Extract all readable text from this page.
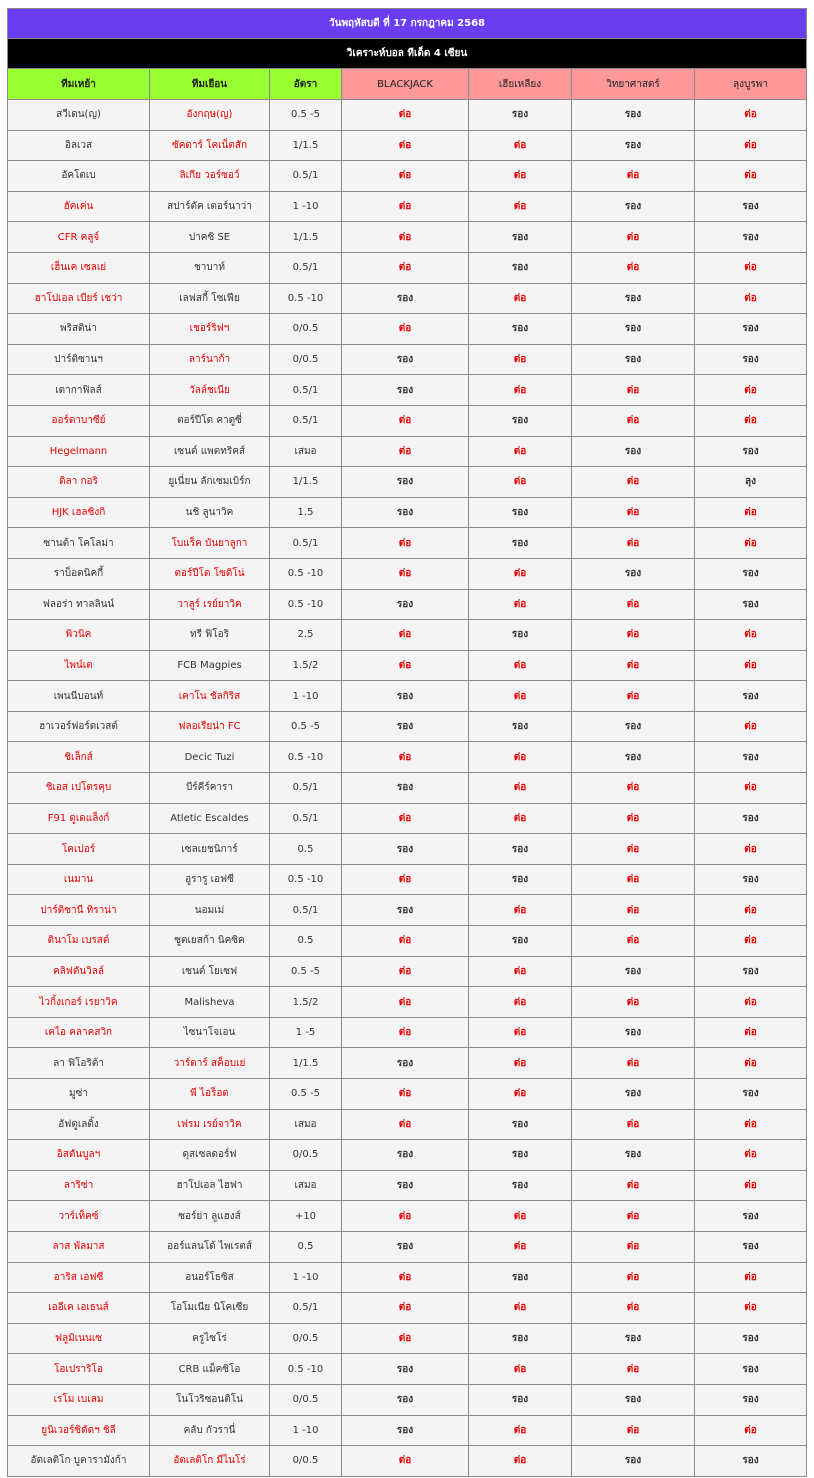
วันพฤหัสบดี ที่ 17 กรกฎาคม 2568						
วิเคราะห์บอล ทีเด็ด 4 เซียน						
ทีมเหย้า	ทีมเยือน	อัตรา	BLACKJACK	เฮียเหลียง	วิทยาศาสตร์	ลุงบูรพา
สวีเดน(ญ)	อังกฤษ(ญ)	0.5 -5	ต่อ	รอง	รอง	ต่อ
อิลเวส	ซัคดาร์ โคเน็ตสัก	1/1.5	ต่อ	ต่อ	รอง	ต่อ
อัคโตเบ	ลิเกีย วอร์ซอว์	0.5/1	ต่อ	ต่อ	ต่อ	ต่อ
ฮัคเค่น	สปาร์ตัค เตอร์นาว่า	1 -10	ต่อ	ต่อ	รอง	รอง
CFR คลูจ์	ปาคซิ SE	1/1.5	ต่อ	รอง	ต่อ	รอง
เฮ็นเค เซลเย่	ชาบาท์	0.5/1	ต่อ	รอง	ต่อ	ต่อ
ฮาโปเอล เบียร์ เชว่า	เลฟสกี้ โซเฟีย	0.5 -10	รอง	ต่อ	รอง	ต่อ
พริสติน่า	เชอร์ริฟฯ	0/0.5	ต่อ	รอง	รอง	รอง
ปาร์ติซานฯ	ลาร์นาก้า	0/0.5	รอง	ต่อ	รอง	รอง
เดากาฟิลส์	วัลล์ชเนีย	0.5/1	รอง	ต่อ	ต่อ	ต่อ
ออร์ดาบาซีย์	ตอร์ปีโด คาตูซี่	0.5/1	ต่อ	รอง	ต่อ	ต่อ
Hegelmann	เซนต์ แพตทริคส์	เสมอ	ต่อ	ต่อ	รอง	รอง
ดิลา กอริ	ยูเนี่ยน ลักเซมเบิร์ก	1/1.5	รอง	ต่อ	ต่อ	ลุง
HJK เฮลซิงกิ	นชิ ลูนาวิค	1.5	รอง	รอง	ต่อ	ต่อ
ซานต้า โคโลม่า	โบแร็ค บันยาลูกา	0.5/1	ต่อ	รอง	ต่อ	ต่อ
ราบ็อตนิคกี้	ตอร์ปีโด โซดิโน่	0.5 -10	ต่อ	ต่อ	รอง	รอง
ฟลอร่า ทาลลินน์	วาลูร์ เรย์ยาวิค	0.5 -10	รอง	ต่อ	ต่อ	รอง
พิวนิค	ทรี ฟิโอริ	2.5	ต่อ	รอง	ต่อ	ต่อ
ไพน์เต	FCB Magpies	1.5/2	ต่อ	ต่อ	ต่อ	ต่อ
เพนนีบอนท์	เคาโน ชัลกิริส	1 -10	รอง	ต่อ	ต่อ	รอง
ฮาเวอร์ฟอร์ดเวสต์	ฟลอเรียน่า FC	0.5 -5	รอง	รอง	รอง	ต่อ
ชิเล็กส์	Decic Tuzi	0.5 -10	ต่อ	ต่อ	รอง	รอง
ชิเอส เปโตรคุบ	บีร์คีร์คารา	0.5/1	รอง	ต่อ	ต่อ	ต่อ
F91 ดูเดแล็งก์	Atletic Escaldes	0.5/1	ต่อ	ต่อ	ต่อ	รอง
โคเปอร์	เซลเยชนิการ์	0.5	รอง	รอง	ต่อ	ต่อ
เนมาน	อูรารู เอฟซี	0.5 -10	ต่อ	รอง	ต่อ	รอง
ปาร์ติซานี ทิราน่า	นอมเม่	0.5/1	รอง	ต่อ	ต่อ	ต่อ
ดินาโม เบรสต์	ซูตเยสก้า นิคซิค	0.5	ต่อ	รอง	ต่อ	ต่อ
คลิฟตันวิลล์	เซนต์ โยเซฟ	0.5 -5	ต่อ	ต่อ	รอง	รอง
ไวกิ้งเกอร์ เรยาวิค	Malisheva	1.5/2	ต่อ	ต่อ	ต่อ	ต่อ
เคไอ คลาคสวิก	ไซนาโจเอน	1 -5	ต่อ	ต่อ	รอง	ต่อ
ลา ฟิโอริต้า	วาร์ดาร์ สค็อบเย่	1/1.5	รอง	ต่อ	ต่อ	ต่อ
มูซ่า	พี ไอร็อด	0.5 -5	ต่อ	ต่อ	รอง	รอง
อัฟตูเลดิ้ง	เฟรม เรย์จาวิค	เสมอ	ต่อ	รอง	ต่อ	ต่อ
อิสตันบูลฯ	ดุสเซลดอร์ฟ	0/0.5	รอง	รอง	รอง	ต่อ
ลาริซ่า	ฮาโปเอล ไฮฟา	เสมอ	รอง	รอง	ต่อ	ต่อ
วาร์เท็คซ์	ซอร์ย่า ลูแฮงส์	+10	ต่อ	ต่อ	ต่อ	รอง
ลาส พัลมาส	ออร์แลนโด้ ไพเรตส์	0.5	รอง	ต่อ	ต่อ	รอง
อาริส เอฟซี	อนอร์โธซิส	1 -10	ต่อ	รอง	ต่อ	ต่อ
เออีเค เอเธนส์	โอโมเนีย นิโคเซีย	0.5/1	ต่อ	ต่อ	ต่อ	ต่อ
ฟลูมิเนนเซ	ครูไซโร่	0/0.5	ต่อ	รอง	รอง	รอง
โอเปราริโอ	CRB แม็คซิโอ	0.5 -10	รอง	ต่อ	ต่อ	รอง
เรโม เบเลม	โนโวริซอนติโน่	0/0.5	รอง	รอง	รอง	รอง
ยูนิเวอร์ซิดัดฯ ชิลี	คลับ กัวรานี่	1 -10	รอง	ต่อ	ต่อ	ต่อ
อัตเลติโก บูคารามังก้า	อัตเลติโก มีไนโร่	0/0.5	ต่อ	ต่อ	รอง	รอง
